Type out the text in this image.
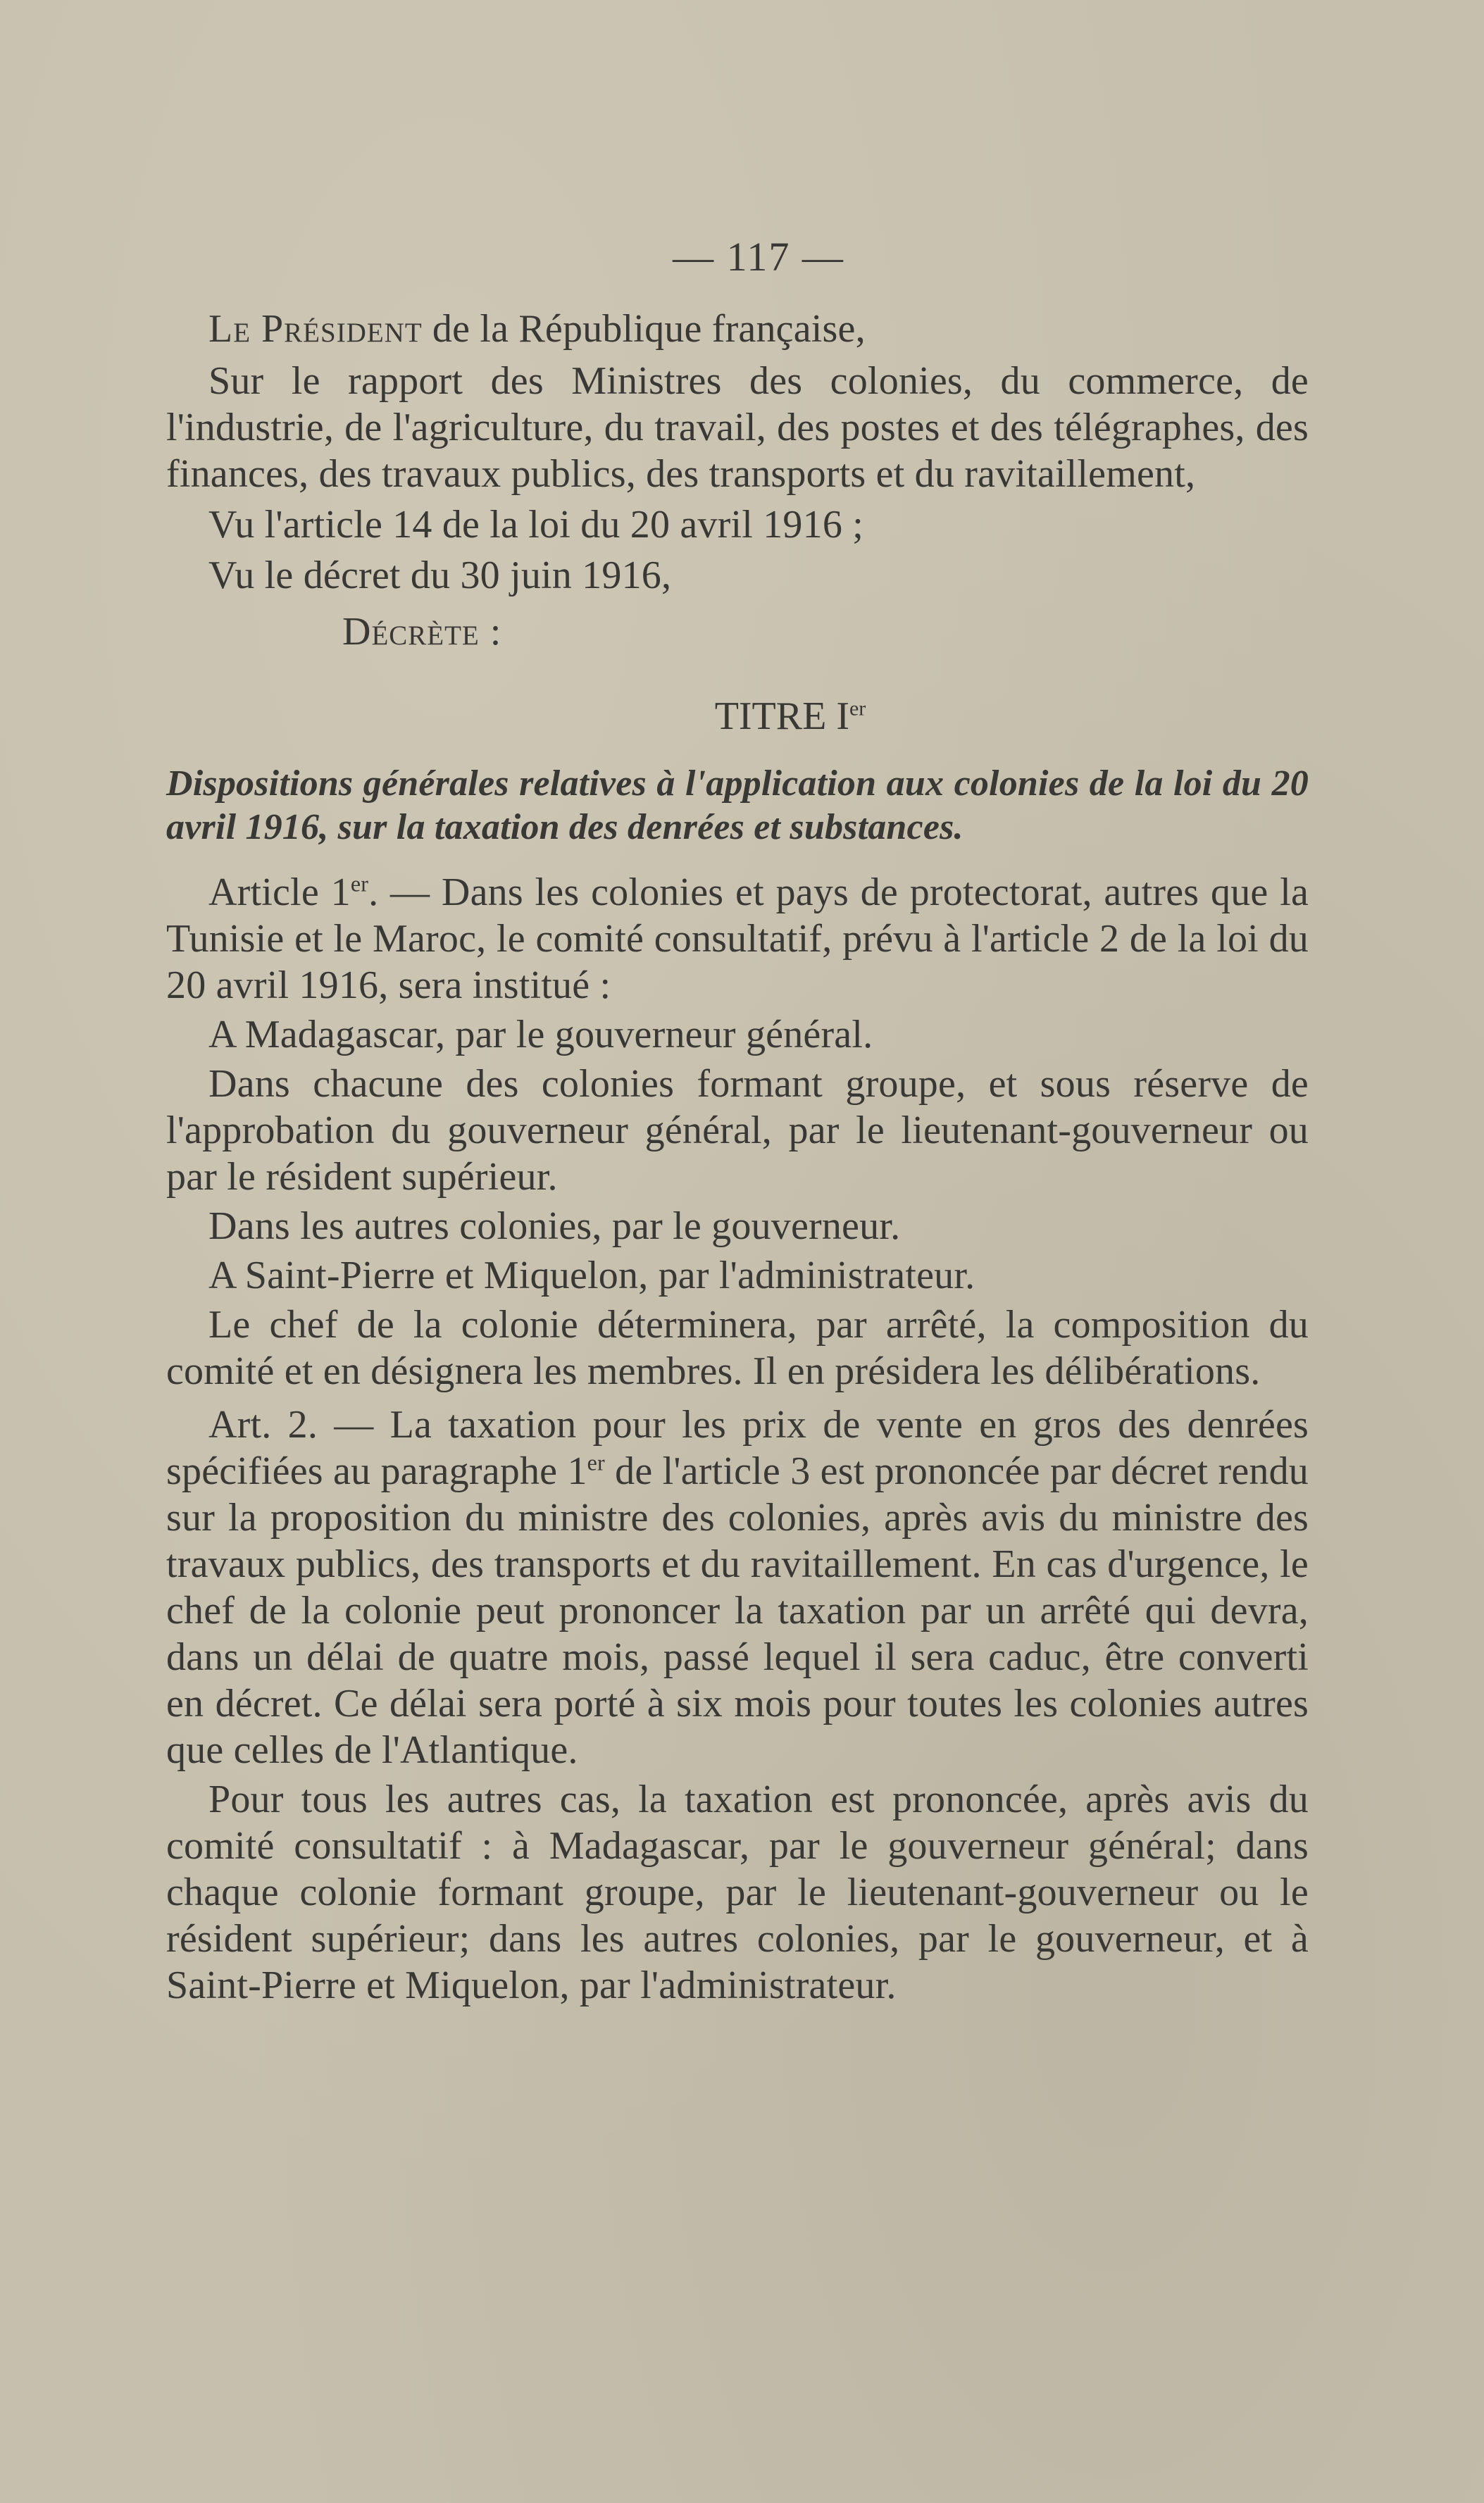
— 117 —

Le Président de la République française,

Sur le rapport des Ministres des colonies, du commerce, de l'industrie, de l'agriculture, du travail, des postes et des télégraphes, des finances, des travaux publics, des transports et du ravitaillement,

Vu l'article 14 de la loi du 20 avril 1916 ;

Vu le décret du 30 juin 1916,

Décrète :
TITRE Ier

Dispositions générales relatives à l'application aux colonies de la loi du 20 avril 1916, sur la taxation des denrées et substances.

Article 1er. — Dans les colonies et pays de protectorat, autres que la Tunisie et le Maroc, le comité consultatif, prévu à l'article 2 de la loi du 20 avril 1916, sera institué :

A Madagascar, par le gouverneur général.

Dans chacune des colonies formant groupe, et sous réserve de l'approbation du gouverneur général, par le lieutenant-gouverneur ou par le résident supérieur.

Dans les autres colonies, par le gouverneur.

A Saint-Pierre et Miquelon, par l'administrateur.

Le chef de la colonie déterminera, par arrêté, la composition du comité et en désignera les membres. Il en présidera les délibérations.

Art. 2. — La taxation pour les prix de vente en gros des denrées spécifiées au paragraphe 1er de l'article 3 est prononcée par décret rendu sur la proposition du ministre des colonies, après avis du ministre des travaux publics, des transports et du ravitaillement. En cas d'urgence, le chef de la colonie peut prononcer la taxation par un arrêté qui devra, dans un délai de quatre mois, passé lequel il sera caduc, être converti en décret. Ce délai sera porté à six mois pour toutes les colonies autres que celles de l'Atlantique.

Pour tous les autres cas, la taxation est prononcée, après avis du comité consultatif : à Madagascar, par le gouverneur général; dans chaque colonie formant groupe, par le lieutenant-gouverneur ou le résident supérieur; dans les autres colonies, par le gouverneur, et à Saint-Pierre et Miquelon, par l'administrateur.
